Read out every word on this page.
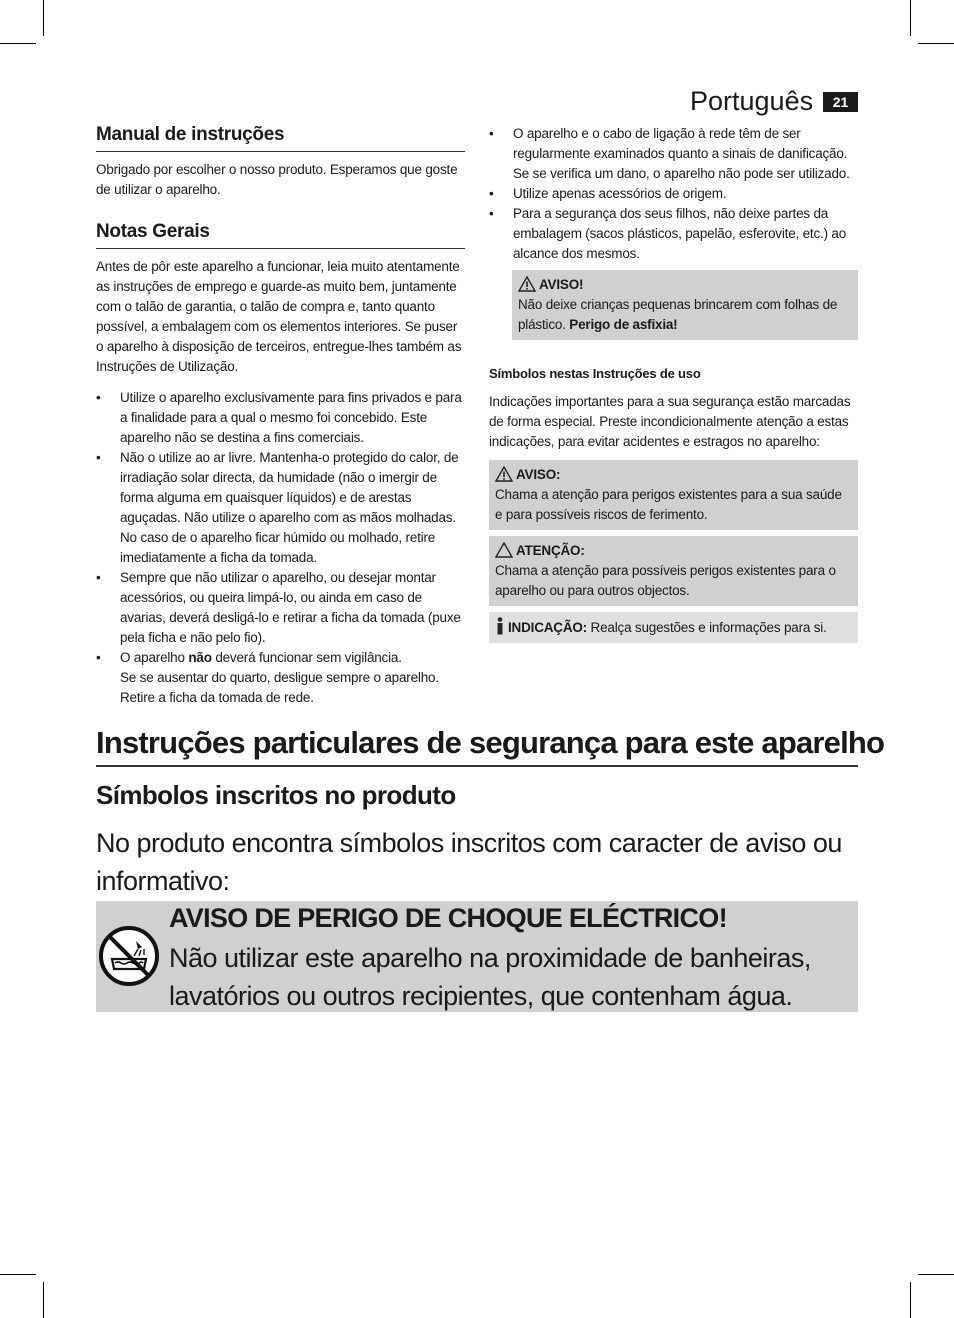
Português	21
Manual de instruções

Obrigado por escolher o nosso produto. Esperamos que goste de utilizar o aparelho.

Notas Gerais

Antes de pôr este aparelho a funcionar, leia muito atentamente as instruções de emprego e guarde-as muito bem, juntamente com o talão de garantia, o talão de compra e, tanto quanto possível, a embalagem com os elementos interiores. Se puser o aparelho à disposição de terceiros, entregue-lhes também as Instruções de Utilização.

• Utilize o aparelho exclusivamente para fins privados e para a finalidade para a qual o mesmo foi concebido. Este aparelho não se destina a fins comerciais.
• Não o utilize ao ar livre. Mantenha-o protegido do calor, de irradiação solar directa, da humidade (não o imergir de forma alguma em quaisquer líquidos) e de arestas aguçadas. Não utilize o aparelho com as mãos molhadas. No caso de o aparelho ficar húmido ou molhado, retire imediatamente a ficha da tomada.
• Sempre que não utilizar o aparelho, ou desejar montar acessórios, ou queira limpá-lo, ou ainda em caso de avarias, deverá desligá-lo e retirar a ficha da tomada (puxe pela ficha e não pelo fio).
• O aparelho não deverá funcionar sem vigilância.
Se se ausentar do quarto, desligue sempre o aparelho. Retire a ficha da tomada de rede.
• O aparelho e o cabo de ligação à rede têm de ser regularmente examinados quanto a sinais de danificação.
Se se verifica um dano, o aparelho não pode ser utilizado.
• Utilize apenas acessórios de origem.
• Para a segurança dos seus filhos, não deixe partes da embalagem (sacos plásticos, papelão, esferovite, etc.) ao alcance dos mesmos.
AVISO!
Não deixe crianças pequenas brincarem com folhas de plástico. Perigo de asfixia!

Símbolos nestas Instruções de uso

Indicações importantes para a sua segurança estão marcadas de forma especial. Preste incondicionalmente atenção a estas indicações, para evitar acidentes e estragos no aparelho:

AVISO:
Chama a atenção para perigos existentes para a sua saúde e para possíveis riscos de ferimento.
ATENÇÃO:
Chama a atenção para possíveis perigos existentes para o aparelho ou para outros objectos.
INDICAÇÃO: Realça sugestões e informações para si.
Instruções particulares de segurança para este aparelho
Símbolos inscritos no produto
No produto encontra símbolos inscritos com caracter de aviso ou informativo:
AVISO DE PERIGO DE CHOQUE ELÉCTRICO!
Não utilizar este aparelho na proximidade de banheiras, lavatórios ou outros recipientes, que contenham água.
